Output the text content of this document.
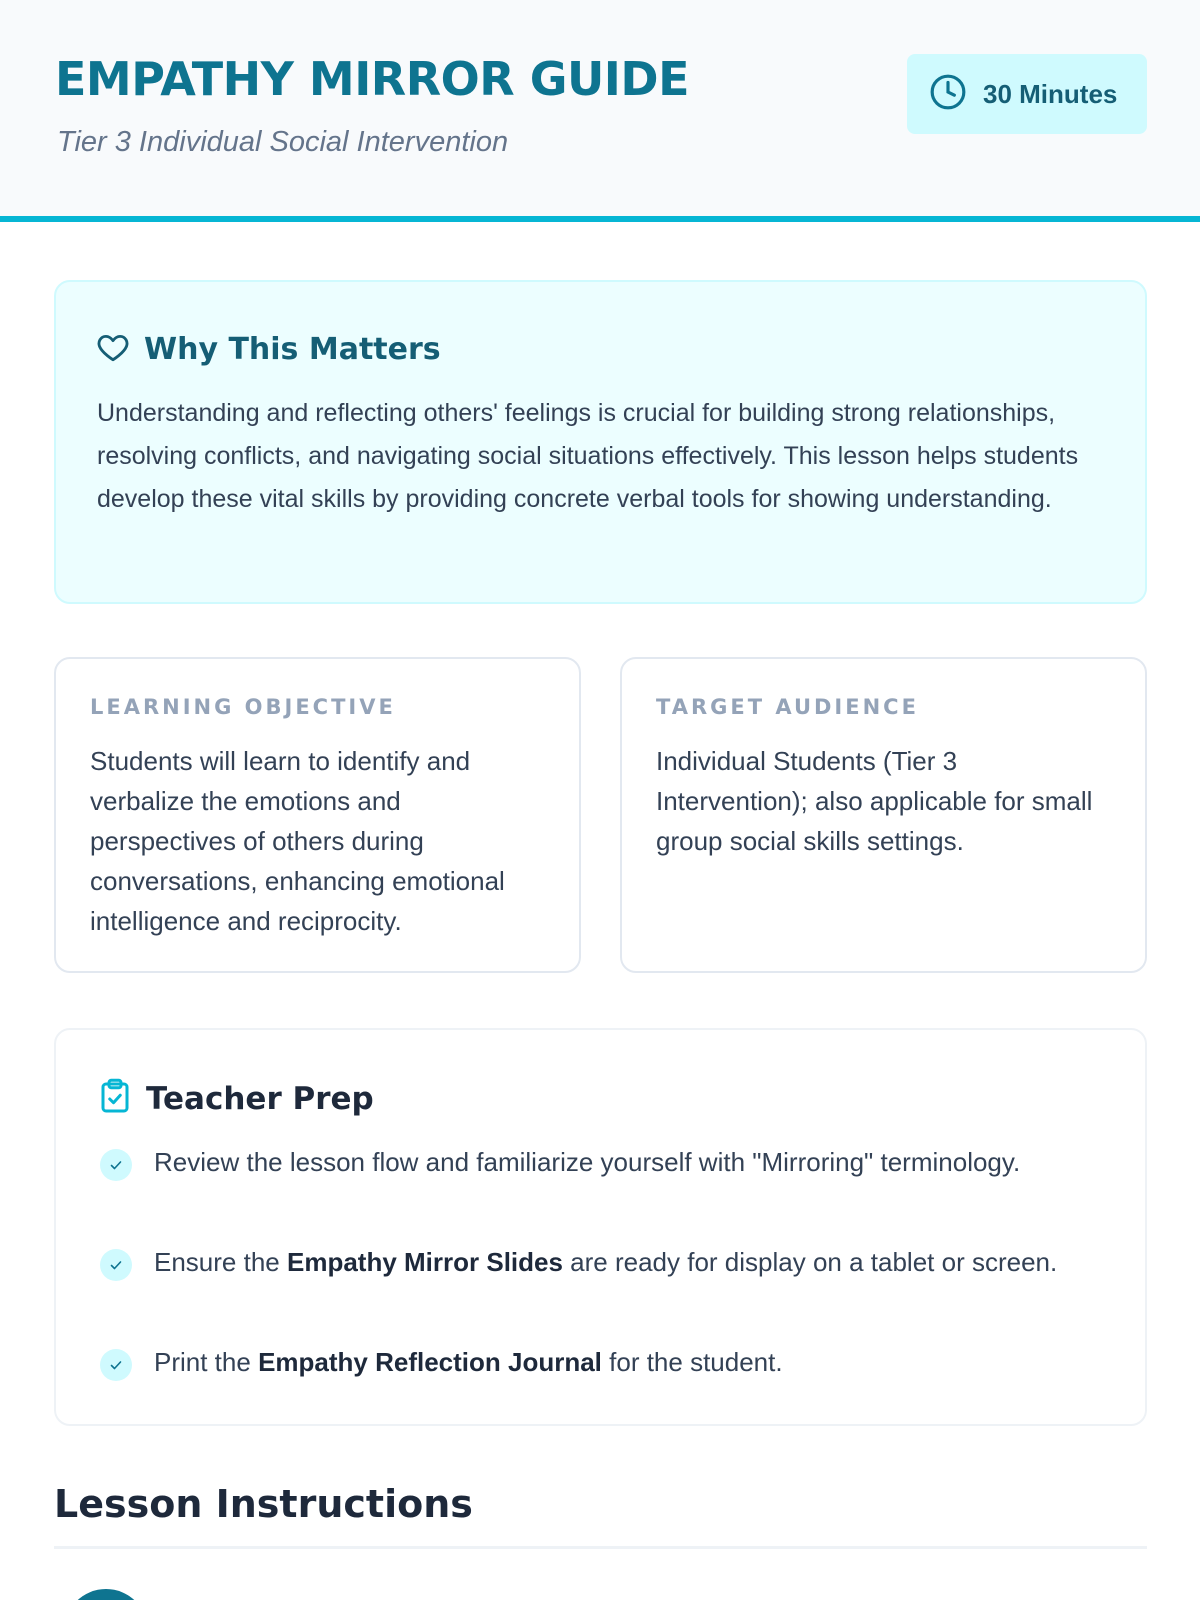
EMPATHY MIRROR GUIDE
Tier 3 Individual Social Intervention
30 Minutes
Why This Matters
Understanding and reflecting others' feelings is crucial for building strong relationships, resolving conflicts, and navigating social situations effectively. This lesson helps students develop these vital skills by providing concrete verbal tools for showing understanding.
LEARNING OBJECTIVE
Students will learn to identify and verbalize the emotions and perspectives of others during conversations, enhancing emotional intelligence and reciprocity.
TARGET AUDIENCE
Individual Students (Tier 3 Intervention); also applicable for small group social skills settings.
Teacher Prep
Review the lesson flow and familiarize yourself with "Mirroring" terminology.
Ensure the Empathy Mirror Slides are ready for display on a tablet or screen.
Print the Empathy Reflection Journal for the student.
Lesson Instructions
